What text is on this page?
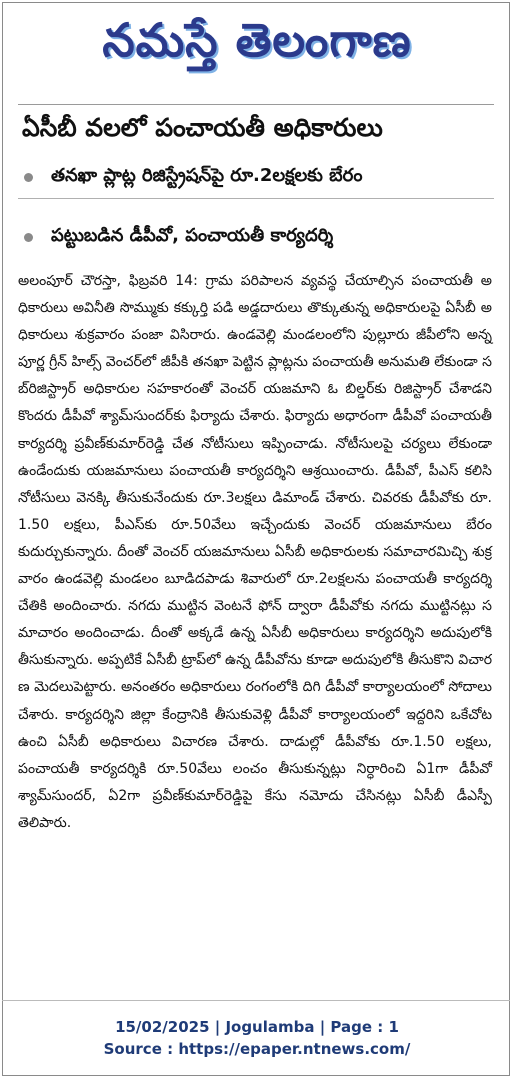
నమస్తే తెలంగాణ
ఏసీబీ వలలో పంచాయతీ అధికారులు
తనఖా ప్లాట్ల రిజిస్ట్రేషన్‌పై రూ.2లక్షలకు బేరం
పట్టుబడిన డీపీవో, పంచాయతీ కార్యదర్శి
అలంపూర్ చౌరస్తా, ఫిబ్రవరి 14: గ్రామ పరిపాలన వ్యవస్థ చేయాల్సిన పంచాయతీ అధికారులు అవినీతి సొమ్ముకు కక్కుర్తి పడి అడ్డదారులు తొక్కుతున్న అధికారులపై ఏసీబీ అధికారులు శుక్రవారం పంజా విసిరారు. ఉండవెల్లి మండలంలోని పుల్లూరు జీపీలోని అన్నపూర్ణ గ్రీన్ హిల్స్ వెంచర్‌లో జీపీకి తనఖా పెట్టిన ప్లాట్లను పంచాయతీ అనుమతి లేకుండా సబ్‌రిజిస్ట్రార్ అధికారుల సహకారంతో వెంచర్ యజమాని ఓ బిల్డర్‌కు రిజిస్ట్రార్ చేశాడని కొందరు డీపీవో శ్యామ్‌సుందర్‌కు ఫిర్యాదు చేశారు. ఫిర్యాదు అధారంగా డీపీవో పంచాయతీ కార్యదర్శి ప్రవీణ్‌కుమార్‌రెడ్డి చేత నోటీసులు ఇప్పించాడు. నోటీసులపై చర్యలు లేకుండా ఉండేందుకు యజమానులు పంచాయతీ కార్యదర్శిని ఆశ్రయించారు. డీపీవో, పీఎస్ కలిసి నోటీసులు వెనక్కి తీసుకునేందుకు రూ.3లక్షలు డిమాండ్ చేశారు. చివరకు డీపీవోకు రూ.1.50 లక్షలు, పీఎస్‌కు రూ.50వేలు ఇచ్చేందుకు వెంచర్ యజమానులు బేరం కుదుర్చుకున్నారు. దీంతో వెంచర్ యజమానులు ఏసీబీ అధికారులకు సమాచారమిచ్చి శుక్రవారం ఉండవెల్లి మండలం బూడిదపాడు శివారులో రూ.2లక్షలను పంచాయతీ కార్యదర్శి చేతికి అందించారు. నగదు ముట్టిన వెంటనే ఫోన్ ద్వారా డీపీవోకు నగదు ముట్టినట్లు సమాచారం అందించాడు. దీంతో అక్కడే ఉన్న ఏసీబీ అధికారులు కార్యదర్శిని అదుపులోకి తీసుకున్నారు. అప్పటికే ఏసీబీ ట్రాప్‌లో ఉన్న డీపీవోను కూడా అదుపులోకి తీసుకొని విచారణ మెదలుపెట్టారు. అనంతరం అధికారులు రంగంలోకి దిగి డీపీవో కార్యాలయంలో సోదాలు చేశారు. కార్యదర్శిని జిల్లా కేంద్రానికి తీసుకువెళ్లి డీపీవో కార్యాలయంలో ఇద్దరిని ఒకేచోట ఉంచి ఏసీబీ అధికారులు విచారణ చేశారు. దాడుల్లో డీపీవోకు రూ.1.50 లక్షలు, పంచాయతీ కార్యదర్శికి రూ.50వేలు లంచం తీసుకున్నట్లు నిర్ధారించి ఏ1గా డీపీవో శ్యామ్‌సుందర్, ఏ2గా ప్రవీణ్‌కుమార్‌రెడ్డిపై కేసు నమోదు చేసినట్లు ఏసీబీ డీఎస్పీ తెలిపారు.
15/02/2025 | Jogulamba | Page : 1
Source : https://epaper.ntnews.com/
